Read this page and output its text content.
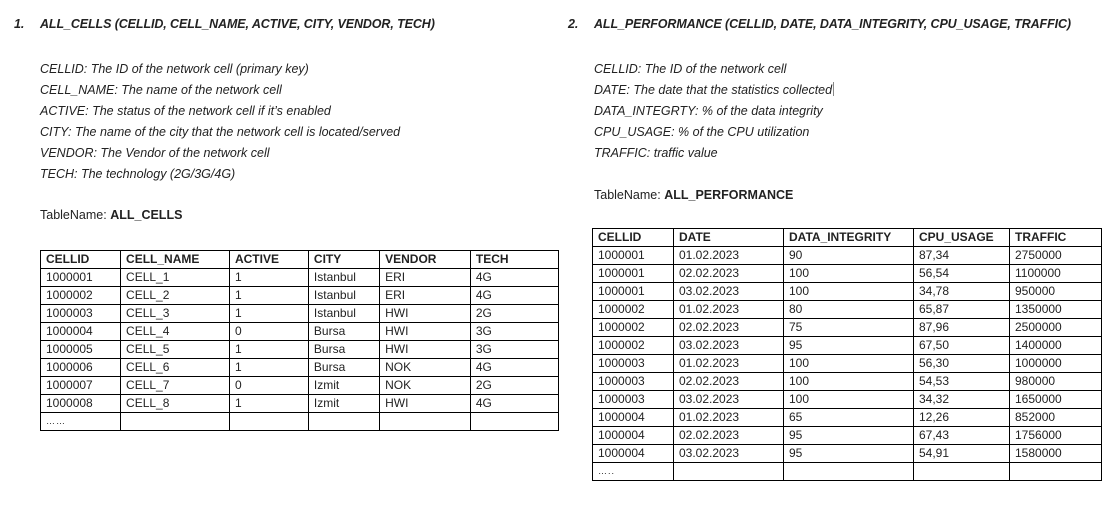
1. ALL_CELLS (CELLID, CELL_NAME, ACTIVE, CITY, VENDOR, TECH)
CELLID: The ID of the network cell (primary key)
CELL_NAME: The name of the network cell
ACTIVE: The status of the network cell if it’s enabled
CITY: The name of the city that the network cell is located/served
VENDOR: The Vendor of the network cell
TECH: The technology (2G/3G/4G)
TableName: ALL_CELLS
CELLID	CELL_NAME	ACTIVE	CITY	VENDOR	TECH
1000001	CELL_1	1	Istanbul	ERI	4G
1000002	CELL_2	1	Istanbul	ERI	4G
1000003	CELL_3	1	Istanbul	HWI	2G
1000004	CELL_4	0	Bursa	HWI	3G
1000005	CELL_5	1	Bursa	HWI	3G
1000006	CELL_6	1	Bursa	NOK	4G
1000007	CELL_7	0	Izmit	NOK	2G
1000008	CELL_8	1	Izmit	HWI	4G
……					
2. ALL_PERFORMANCE (CELLID, DATE, DATA_INTEGRITY, CPU_USAGE, TRAFFIC)
CELLID: The ID of the network cell
DATE: The date that the statistics collected
DATA_INTEGRTY: % of the data integrity
CPU_USAGE: % of the CPU utilization
TRAFFIC: traffic value
TableName: ALL_PERFORMANCE
CELLID	DATE	DATA_INTEGRITY	CPU_USAGE	TRAFFIC
1000001	01.02.2023	90	87,34	2750000
1000001	02.02.2023	100	56,54	1100000
1000001	03.02.2023	100	34,78	950000
1000002	01.02.2023	80	65,87	1350000
1000002	02.02.2023	75	87,96	2500000
1000002	03.02.2023	95	67,50	1400000
1000003	01.02.2023	100	56,30	1000000
1000003	02.02.2023	100	54,53	980000
1000003	03.02.2023	100	34,32	1650000
1000004	01.02.2023	65	12,26	852000
1000004	02.02.2023	95	67,43	1756000
1000004	03.02.2023	95	54,91	1580000
…..				
